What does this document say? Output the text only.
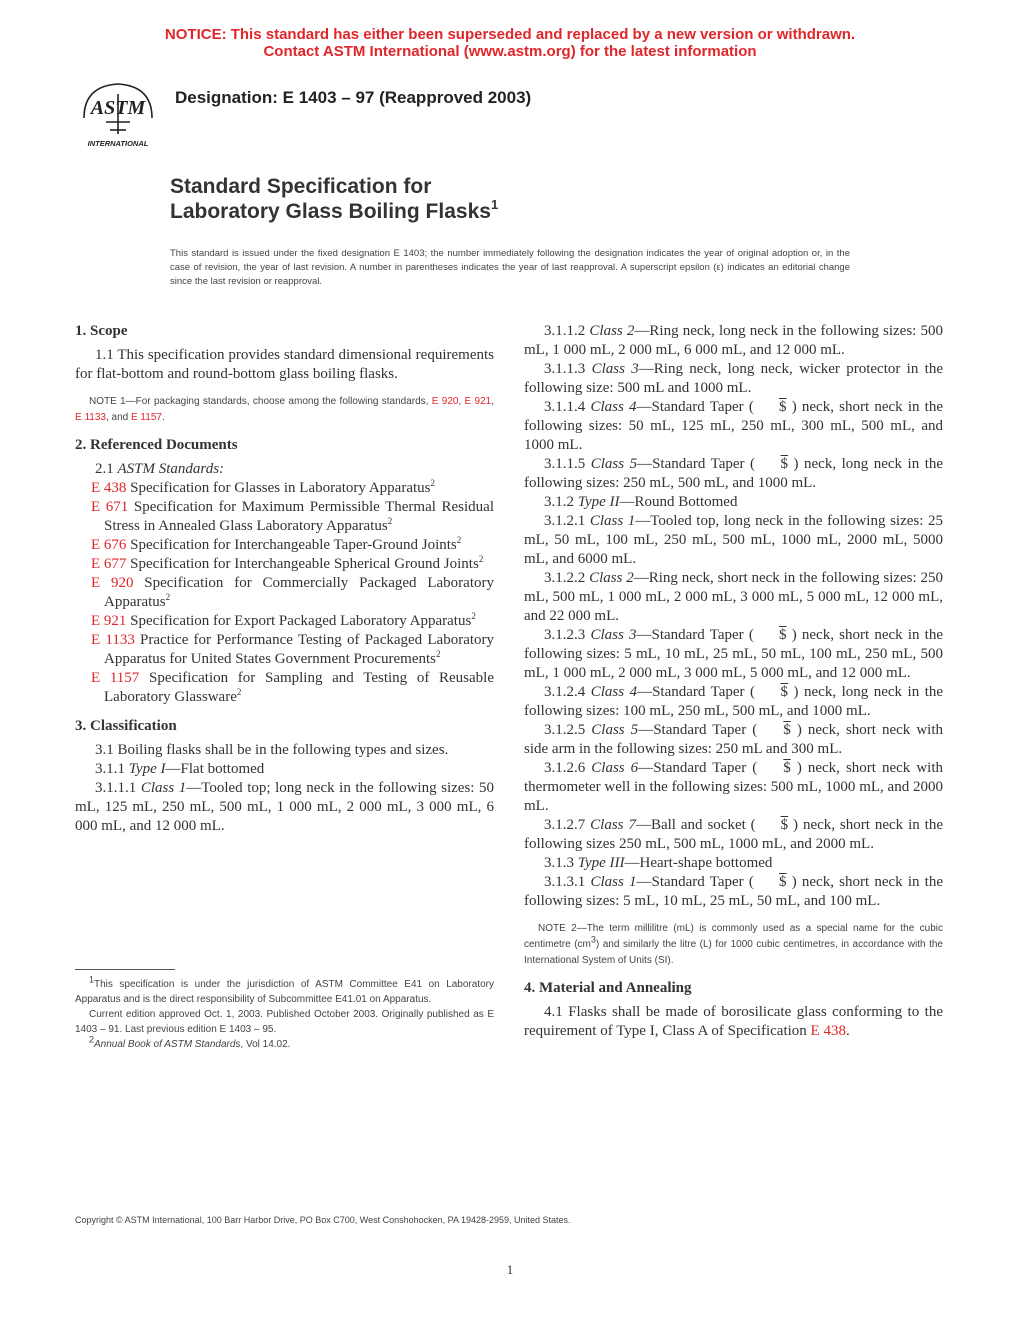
NOTICE: This standard has either been superseded and replaced by a new version or withdrawn.
Contact ASTM International (www.astm.org) for the latest information
ASTM
INTERNATIONAL
Designation: E 1403 – 97 (Reapproved 2003)
Standard Specification for
Laboratory Glass Boiling Flasks$^1$
This standard is issued under the fixed designation E 1403; the number immediately following the designation indicates the year of original adoption or, in the case of revision, the year of last revision. A number in parentheses indicates the year of last reapproval. A superscript epsilon (ε) indicates an editorial change since the last revision or reapproval.
1. Scope

1.1 This specification provides standard dimensional requirements for flat-bottom and round-bottom glass boiling flasks.

NOTE 1—For packaging standards, choose among the following standards, E 920, E 921, E 1133, and E 1157.

2. Referenced Documents

2.1 ASTM Standards:

E 438 Specification for Glasses in Laboratory Apparatus$^2$

E 671 Specification for Maximum Permissible Thermal Residual Stress in Annealed Glass Laboratory Apparatus$^2$

E 676 Specification for Interchangeable Taper-Ground Joints$^2$

E 677 Specification for Interchangeable Spherical Ground Joints$^2$

E 920 Specification for Commercially Packaged Laboratory Apparatus$^2$

E 921 Specification for Export Packaged Laboratory Apparatus$^2$

E 1133 Practice for Performance Testing of Packaged Laboratory Apparatus for United States Government Procurements$^2$

E 1157 Specification for Sampling and Testing of Reusable Laboratory Glassware$^2$

3. Classification

3.1 Boiling flasks shall be in the following types and sizes.

3.1.1 Type I—Flat bottomed

3.1.1.1 Class 1—Tooled top; long neck in the following sizes: 50 mL, 125 mL, 250 mL, 500 mL, 1 000 mL, 2 000 mL, 3 000 mL, 6 000 mL, and 12 000 mL.

$^1$This specification is under the jurisdiction of ASTM Committee E41 on Laboratory Apparatus and is the direct responsibility of Subcommittee E41.01 on Apparatus.

Current edition approved Oct. 1, 2003. Published October 2003. Originally published as E 1403 – 91. Last previous edition E 1403 – 95.

$^2$Annual Book of ASTM Standards, Vol 14.02.

3.1.1.2 Class 2—Ring neck, long neck in the following sizes: 500 mL, 1 000 mL, 2 000 mL, 6 000 mL, and 12 000 mL.

3.1.1.3 Class 3—Ring neck, long neck, wicker protector in the following size: 500 mL and 1000 mL.

3.1.1.4 Class 4—Standard Taper ( $ ) neck, short neck in the following sizes: 50 mL, 125 mL, 250 mL, 300 mL, 500 mL, and 1000 mL.

3.1.1.5 Class 5—Standard Taper ( $ ) neck, long neck in the following sizes: 250 mL, 500 mL, and 1000 mL.

3.1.2 Type II—Round Bottomed

3.1.2.1 Class 1—Tooled top, long neck in the following sizes: 25 mL, 50 mL, 100 mL, 250 mL, 500 mL, 1000 mL, 2000 mL, 5000 mL, and 6000 mL.

3.1.2.2 Class 2—Ring neck, short neck in the following sizes: 250 mL, 500 mL, 1 000 mL, 2 000 mL, 3 000 mL, 5 000 mL, 12 000 mL, and 22 000 mL.

3.1.2.3 Class 3—Standard Taper ( $ ) neck, short neck in the following sizes: 5 mL, 10 mL, 25 mL, 50 mL, 100 mL, 250 mL, 500 mL, 1 000 mL, 2 000 mL, 3 000 mL, 5 000 mL, and 12 000 mL.

3.1.2.4 Class 4—Standard Taper ( $ ) neck, long neck in the following sizes: 100 mL, 250 mL, 500 mL, and 1000 mL.

3.1.2.5 Class 5—Standard Taper ( $ ) neck, short neck with side arm in the following sizes: 250 mL and 300 mL.

3.1.2.6 Class 6—Standard Taper ( $ ) neck, short neck with thermometer well in the following sizes: 500 mL, 1000 mL, and 2000 mL.

3.1.2.7 Class 7—Ball and socket ( $ ) neck, short neck in the following sizes 250 mL, 500 mL, 1000 mL, and 2000 mL.

3.1.3 Type III—Heart-shape bottomed

3.1.3.1 Class 1—Standard Taper ( $ ) neck, short neck in the following sizes: 5 mL, 10 mL, 25 mL, 50 mL, and 100 mL.

NOTE 2—The term millilitre (mL) is commonly used as a special name for the cubic centimetre $(cm^3)$ and similarly the litre (L) for 1000 cubic centimetres, in accordance with the International System of Units (SI).

4. Material and Annealing

4.1 Flasks shall be made of borosilicate glass conforming to the requirement of Type I, Class A of Specification E 438.

Copyright © ASTM International, 100 Barr Harbor Drive, PO Box C700, West Conshohocken, PA 19428-2959, United States.
1
